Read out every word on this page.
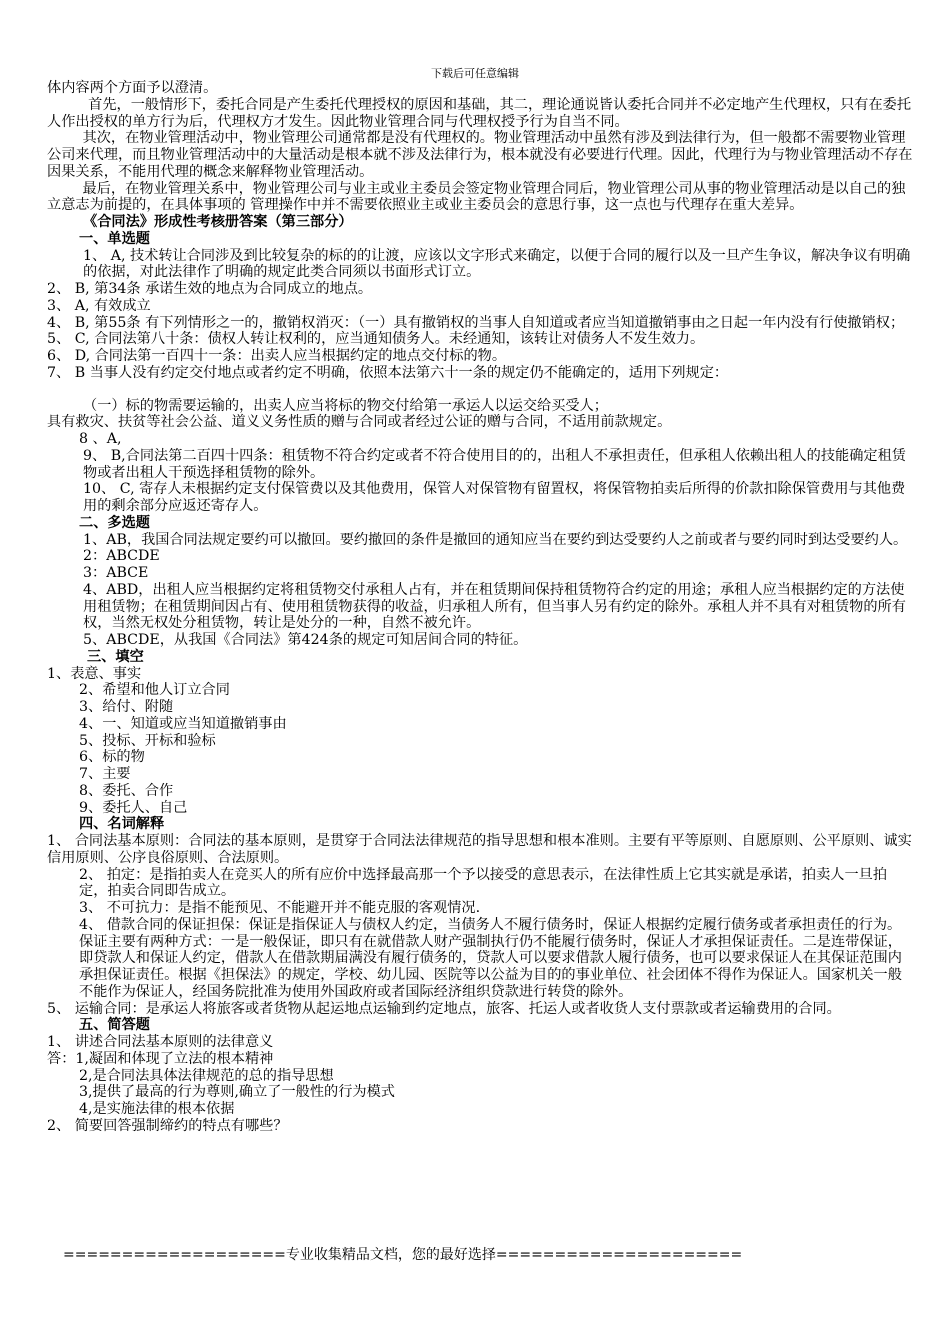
下载后可任意编辑

体内容两个方面予以澄清。

首先，一般情形下，委托合同是产生委托代理授权的原因和基础，其二，理论通说皆认委托合同并不必定地产生代理权，只有在委托人作出授权的单方行为后，代理权方才发生。因此物业管理合同与代理权授予行为自当不同。

其次，在物业管理活动中，物业管理公司通常都是没有代理权的。物业管理活动中虽然有涉及到法律行为，但一般都不需要物业管理公司来代理，而且物业管理活动中的大量活动是根本就不涉及法律行为，根本就没有必要进行代理。因此，代理行为与物业管理活动不存在因果关系，不能用代理的概念来解释物业管理活动。

最后，在物业管理关系中，物业管理公司与业主或业主委员会签定物业管理合同后，物业管理公司从事的物业管理活动是以自己的独立意志为前提的，在具体事项的 管理操作中并不需要依照业主或业主委员会的意思行事，这一点也与代理存在重大差异。

《合同法》形成性考核册答案（第三部分）

一、单选题

1、 A, 技术转让合同涉及到比较复杂的标的的让渡，应该以文字形式来确定，以便于合同的履行以及一旦产生争议，解决争议有明确的依据，对此法律作了明确的规定此类合同须以书面形式订立。

2、 B, 第34条 承诺生效的地点为合同成立的地点。

3、 A, 有效成立

4、 B, 第55条 有下列情形之一的，撤销权消灭：（一）具有撤销权的当事人自知道或者应当知道撤销事由之日起一年内没有行使撤销权；

5、 C, 合同法第八十条：债权人转让权利的，应当通知债务人。未经通知，该转让对债务人不发生效力。

6、 D, 合同法第一百四十一条：出卖人应当根据约定的地点交付标的物。

7、 B 当事人没有约定交付地点或者约定不明确，依照本法第六十一条的规定仍不能确定的，适用下列规定：

（一）标的物需要运输的，出卖人应当将标的物交付给第一承运人以运交给买受人；

具有救灾、扶贫等社会公益、道义义务性质的赠与合同或者经过公证的赠与合同，不适用前款规定。

8 、A,

9、 B,合同法第二百四十四条：租赁物不符合约定或者不符合使用目的的，出租人不承担责任，但承租人依赖出租人的技能确定租赁物或者出租人干预选择租赁物的除外。

10、 C, 寄存人未根据约定支付保管费以及其他费用，保管人对保管物有留置权，将保管物拍卖后所得的价款扣除保管费用与其他费用的剩余部分应返还寄存人。

二、多选题

1、AB，我国合同法规定要约可以撤回。要约撤回的条件是撤回的通知应当在要约到达受要约人之前或者与要约同时到达受要约人。

2：ABCDE

3：ABCE

4、ABD，出租人应当根据约定将租赁物交付承租人占有，并在租赁期间保持租赁物符合约定的用途；承租人应当根据约定的方法使用租赁物；在租赁期间因占有、使用租赁物获得的收益，归承租人所有，但当事人另有约定的除外。承租人并不具有对租赁物的所有权，当然无权处分租赁物，转让是处分的一种，自然不被允许。

5、ABCDE，从我国《合同法》第424条的规定可知居间合同的特征。

三、填空

1、表意、事实

2、希望和他人订立合同

3、给付、附随

4、一、知道或应当知道撤销事由

5、投标、开标和验标

6、标的物

7、主要

8、委托、合作

9、委托人、自己

四、名词解释

1、 合同法基本原则：合同法的基本原则，是贯穿于合同法法律规范的指导思想和根本准则。主要有平等原则、自愿原则、公平原则、诚实信用原则、公序良俗原则、合法原则。

2、 拍定：是指拍卖人在竞买人的所有应价中选择最高那一个予以接受的意思表示，在法律性质上它其实就是承诺，拍卖人一旦拍定，拍卖合同即告成立。

3、 不可抗力：是指不能预见、不能避开并不能克服的客观情况.

4、 借款合同的保证担保：保证是指保证人与债权人约定，当债务人不履行债务时，保证人根据约定履行债务或者承担责任的行为。保证主要有两种方式：一是一般保证，即只有在就借款人财产强制执行仍不能履行债务时，保证人才承担保证责任。二是连带保证，即贷款人和保证人约定，借款人在借款期届满没有履行债务的，贷款人可以要求借款人履行债务，也可以要求保证人在其保证范围内承担保证责任。根据《担保法》的规定，学校、幼儿园、医院等以公益为目的的事业单位、社会团体不得作为保证人。国家机关一般不能作为保证人，经国务院批准为使用外国政府或者国际经济组织贷款进行转贷的除外。

5、 运输合同：是承运人将旅客或者货物从起运地点运输到约定地点，旅客、托运人或者收货人支付票款或者运输费用的合同。

五、简答题

1、 讲述合同法基本原则的法律意义

答：1,凝固和体现了立法的根本精神

2,是合同法具体法律规范的总的指导思想

3,提供了最高的行为尊则,确立了一般性的行为模式

4,是实施法律的根本依据

2、 简要回答强制缔约的特点有哪些？

===================专业收集精品文档，您的最好选择=====================
